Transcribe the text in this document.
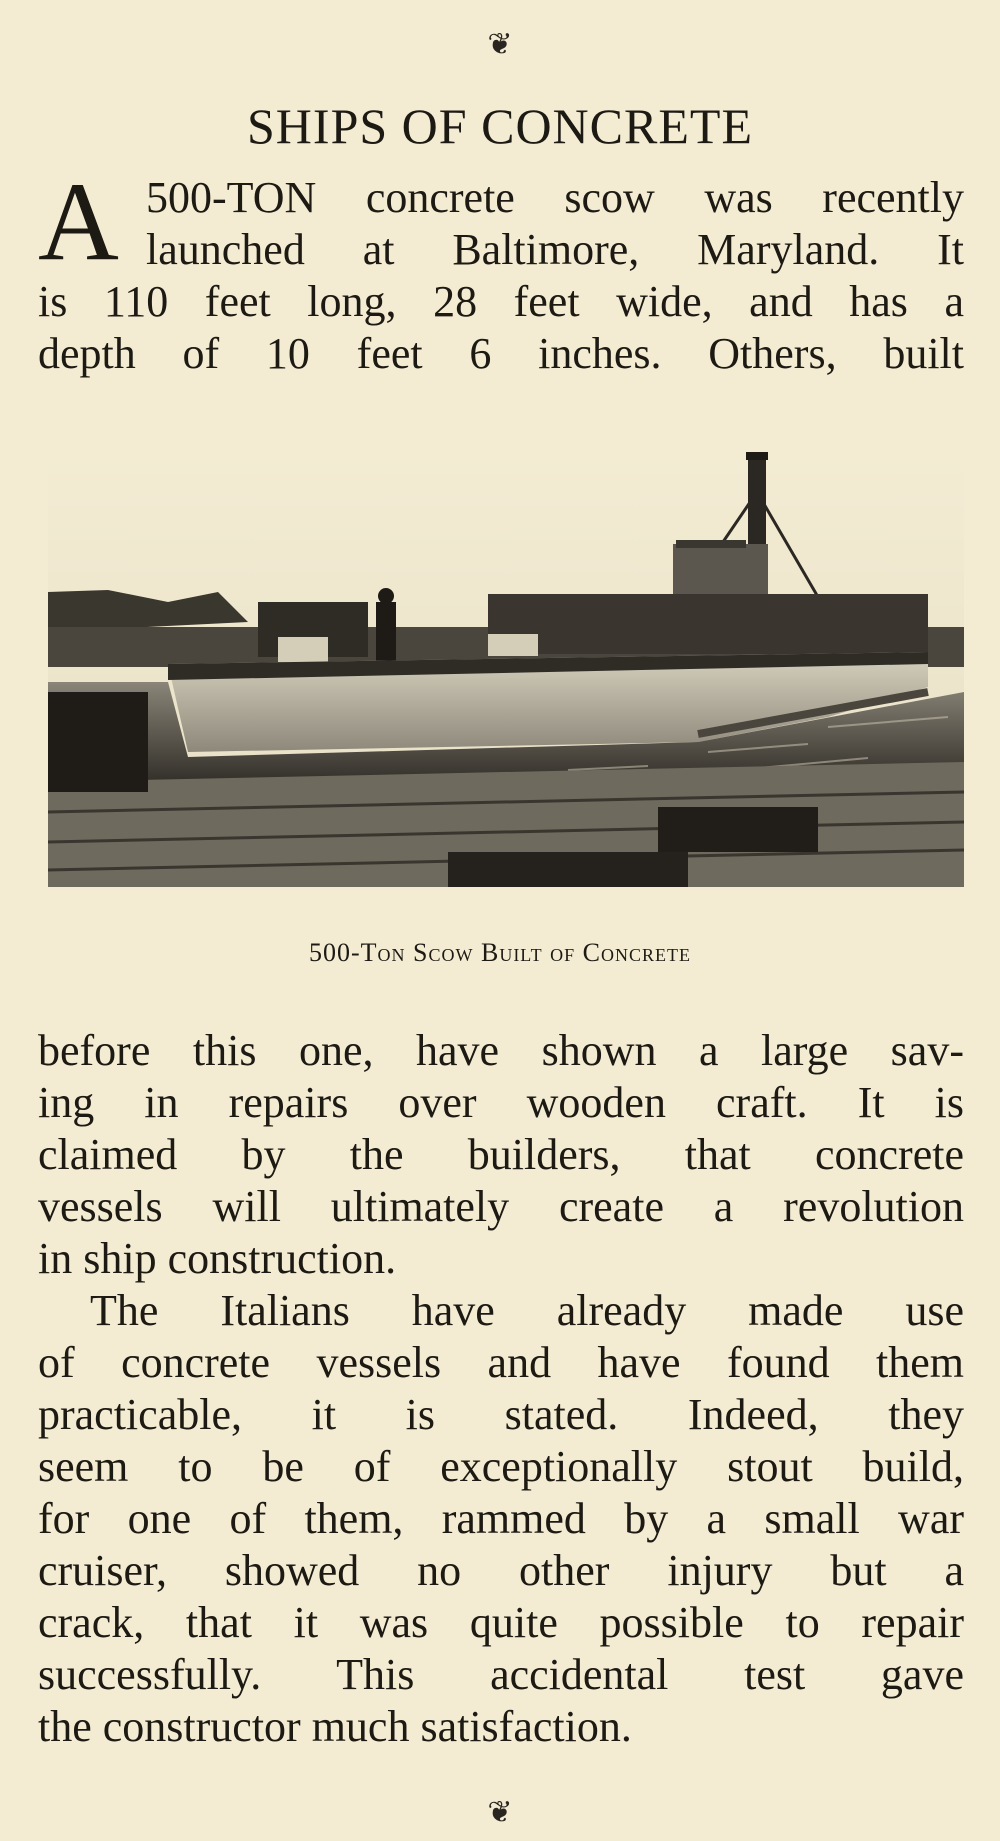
❦
SHIPS OF CONCRETE
A 500-TON concrete scow was recently
launched at Baltimore, Maryland. It
is 110 feet long, 28 feet wide, and has a
depth of 10 feet 6 inches. Others, built
500-Ton Scow Built of Concrete
before this one, have shown a large sav-
ing in repairs over wooden craft. It is
claimed by the builders, that concrete
vessels will ultimately create a revolution
in ship construction.
The Italians have already made use
of concrete vessels and have found them
practicable, it is stated. Indeed, they
seem to be of exceptionally stout build,
for one of them, rammed by a small war
cruiser, showed no other injury but a
crack, that it was quite possible to repair
successfully. This accidental test gave
the constructor much satisfaction.
❦
